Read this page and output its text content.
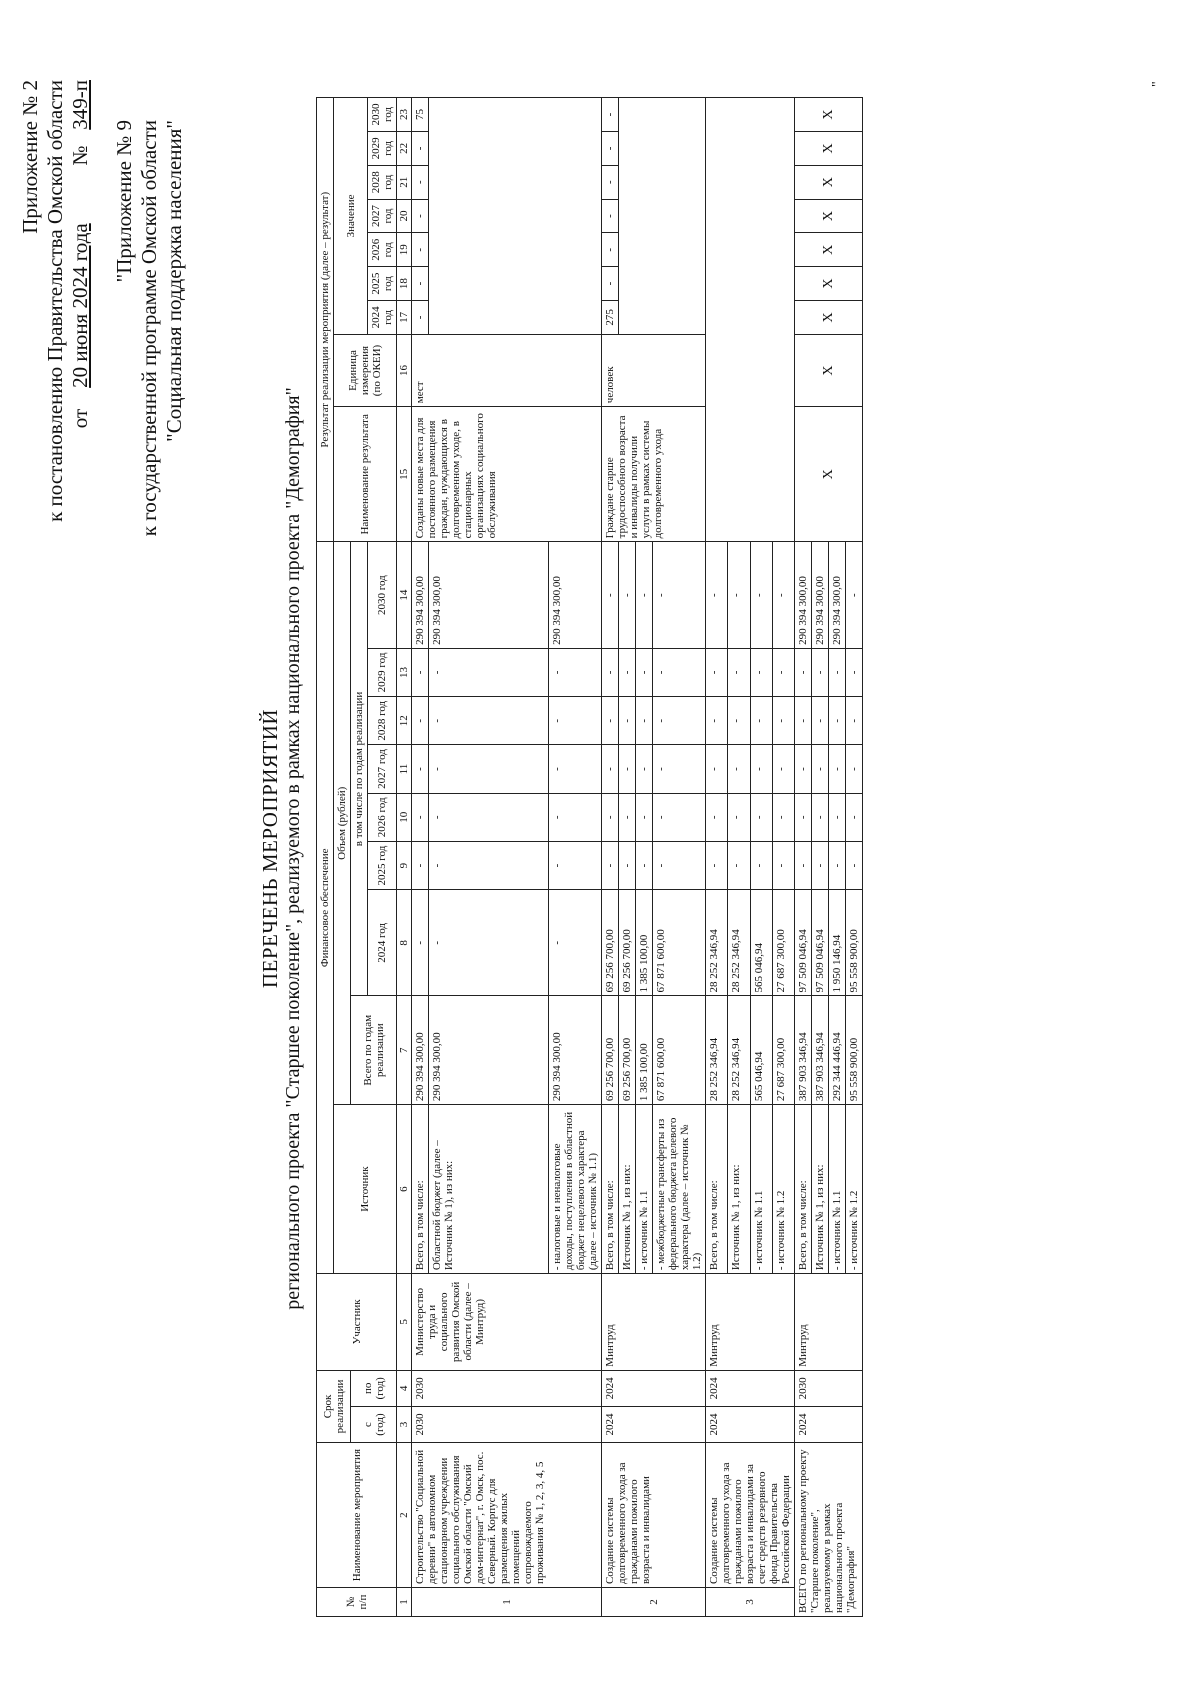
Приложение № 2 к постановлению Правительства Омской области от    20 июня 2024 года           №   349-п
"Приложение № 9 к государственной программе Омской области "Социальная поддержка населения"
ПЕРЕЧЕНЬ МЕРОПРИЯТИЙ регионального проекта "Старшее поколение", реализуемого в рамках национального проекта "Демография"
№ п/п	Наименование мероприятия	Срок реализации		Участник	Финансовое обеспечение									Результат реализации мероприятия (далее – результат)								
					Источник	Объем (рублей)								Наименование результата	Единица измерения (по ОКЕИ)	Значение						
		с (год)	по (год)			Всего по годам реализации	в том числе по годам реализации															
							2024 год	2025 год	2026 год	2027 год	2028 год	2029 год	2030 год			2024 год	2025 год	2026 год	2027 год	2028 год	2029 год	2030 год
1	2	3	4	5	6	7	8	9	10	11	12	13	14	15	16	17	18	19	20	21	22	23
1	Строительство "Социальной деревни" в автономном стационарном учреждении социального обслуживания Омской области "Омский дом-интернат", г. Омск, пос. Северный. Корпус для размещения жилых помещений сопровождаемого проживания № 1, 2, 3, 4, 5	2030	2030	Министерство труда и социального развития Омской области (далее – Минтруд)	Всего, в том числе:	290 394 300,00	-	-	-	-	-	-	290 394 300,00	Созданы новые места для постоянного размещения граждан, нуждающихся в долговременном уходе, в стационарных организациях социального обслуживания	мест	-	-	-	-	-	-	75
					Областной бюджет (далее – Источник № 1), из них:	290 394 300,00	-	-	-	-	-	-	290 394 300,00									
					- налоговые и неналоговые доходы, поступления в областной бюджет нецелевого характера (далее – источник № 1.1)	290 394 300,00	-	-	-	-	-	-	290 394 300,00									
2	Создание системы долговременного ухода за гражданами пожилого возраста и инвалидами	2024	2024	Минтруд	Всего, в том числе:	69 256 700,00	69 256 700,00	-	-	-	-	-	-	Граждане старше трудоспособного возраста и инвалиды получили услуги в рамках системы долговременного ухода	человек	275	-	-	-	-	-	-
					Источник № 1, из них:	69 256 700,00	69 256 700,00	-	-	-	-	-	-									
					- источник № 1.1	1 385 100,00	1 385 100,00	-	-	-	-	-	-									
					- межбюджетные трансферты из федерального бюджета целевого характера (далее – источник № 1.2)	67 871 600,00	67 871 600,00	-	-	-	-	-	-									
3	Создание системы долговременного ухода за гражданами пожилого возраста и инвалидами за счет средств резервного фонда Правительства Российской Федерации	2024	2024	Минтруд	Всего, в том числе:	28 252 346,94	28 252 346,94	-	-	-	-	-	-									
					Источник № 1, из них:	28 252 346,94	28 252 346,94	-	-	-	-	-	-									
					- источник № 1.1	565 046,94	565 046,94	-	-	-	-	-	-									
					- источник № 1.2	27 687 300,00	27 687 300,00	-	-	-	-	-	-									
ВСЕГО по региональному проекту "Старшее поколение", реализуемому в рамках национального проекта "Демография"		2024	2030	Минтруд	Всего, в том числе:	387 903 346,94	97 509 046,94	-	-	-	-	-	290 394 300,00	Х	Х	Х	Х	Х	Х	Х	Х	Х
					Источник № 1, из них:	387 903 346,94	97 509 046,94	-	-	-	-	-	290 394 300,00									
					- источник № 1.1	292 344 446,94	1 950 146,94	-	-	-	-	-	290 394 300,00									
					- источник № 1.2	95 558 900,00	95 558 900,00	-	-	-	-	-	-									
"
